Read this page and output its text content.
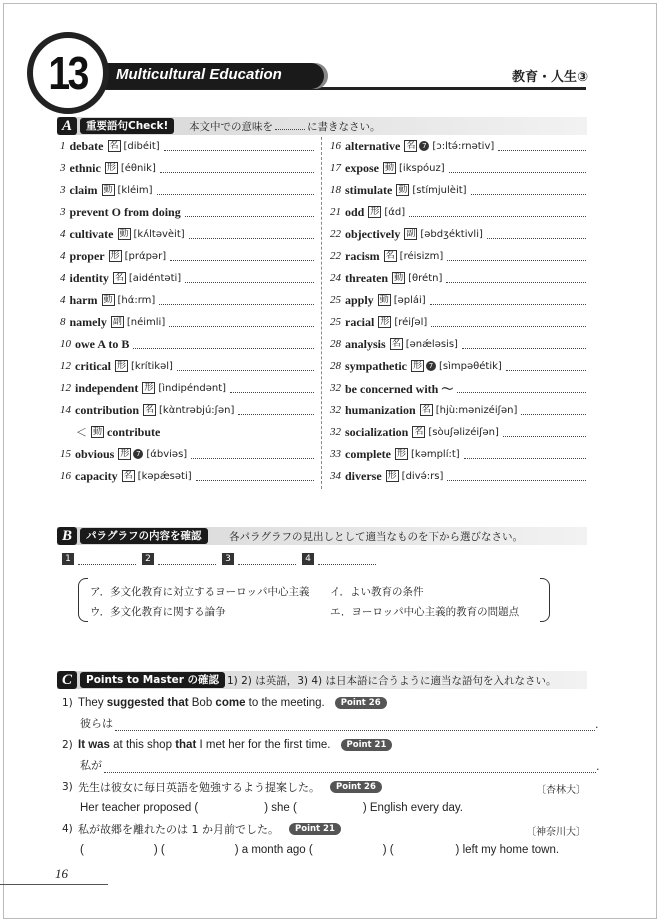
13 Multicultural Education	教育・人生③
A	重要語句Check!	本文中での意味を	に書きなさい。
1 debate 名 [dibéit]
3 ethnic 形 [éθnik]
3 claim 動 [kléim]
3 prevent O from doing
4 cultivate 動 [kʌ́ltəvèit]
4 proper 形 [prάpər]
4 identity 名 [aidéntəti]
4 harm 動 [hά:rm]
8 namely 副 [néimli]
10 owe A to B
12 critical 形 [krítikəl]
12 independent 形 [ìndipéndənt]
14 contribution 名 [kὰntrəbjú:ʃən]
＜ 動 contribute
15 obvious 形 7 [άbviəs]
16 capacity 名 [kəpǽsəti]
16 alternative 名 7 [ɔ:ltə́:rnətiv]
17 expose 動 [ikspóuz]
18 stimulate 動 [stímjulèit]
21 odd 形 [άd]
22 objectively 副 [əbdʒéktivli]
22 racism 名 [réisizm]
24 threaten 動 [θrétn]
25 apply 動 [əplái]
25 racial 形 [réiʃəl]
28 analysis 名 [ənǽləsis]
28 sympathetic 形 7 [sìmpəθétik]
32 be concerned with ～
32 humanization 名 [hjù:mənizéiʃən]
32 socialization 名 [sòuʃəlizéiʃən]
33 complete 形 [kəmplí:t]
34 diverse 形 [divə́:rs]
B	パラグラフの内容を確認	各パラグラフの見出しとして適当なものを下から選びなさい。
1	2	3	4
ア．多文化教育に対立するヨーロッパ中心主義 イ．よい教育の条件
ウ．多文化教育に関する論争	エ．ヨーロッパ中心主義的教育の問題点
C	Points to Master の確認 1) 2) は英語，3) 4) は日本語に合うように適当な語句を入れなさい。
1) They suggested that Bob come to the meeting.	Point 26
彼らは	.
2) It was at this shop that I met her for the first time.	Point 21
私が	.
3) 先生は彼女に毎日英語を勉強するよう提案した。	Point 26	〔杏林大〕
Her teacher proposed (	) she (	) English every day.
4) 私が故郷を離れたのは 1 か月前でした。	Point 21	〔神奈川大〕
(	) (	) a month ago (	) (	) left my home town.
16
